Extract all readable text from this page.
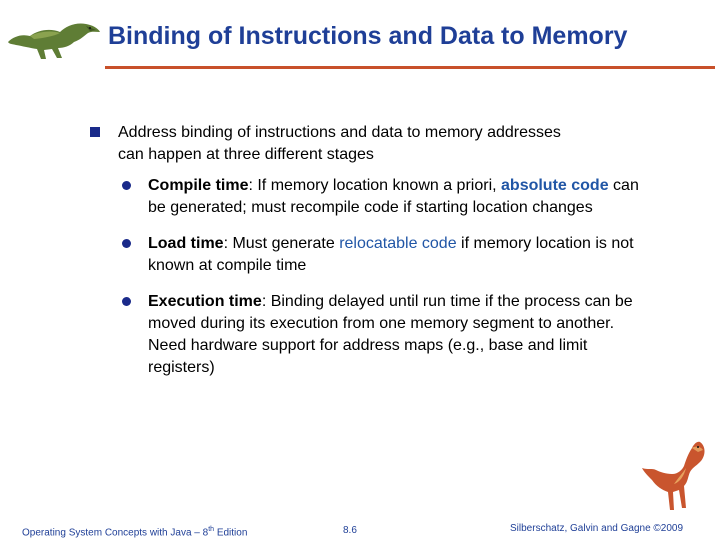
Binding of Instructions and Data to Memory
Address binding of instructions and data to memory addresses
can happen at three different stages
Compile time: If memory location known a priori, absolute code can be generated; must recompile code if starting location changes
Load time: Must generate relocatable code if memory location is not known at compile time
Execution time: Binding delayed until run time if the process can be moved during its execution from one memory segment to another. Need hardware support for address maps (e.g., base and limit registers)
Operating System Concepts with Java – 8th Edition	8.6	Silberschatz, Galvin and Gagne ©2009
